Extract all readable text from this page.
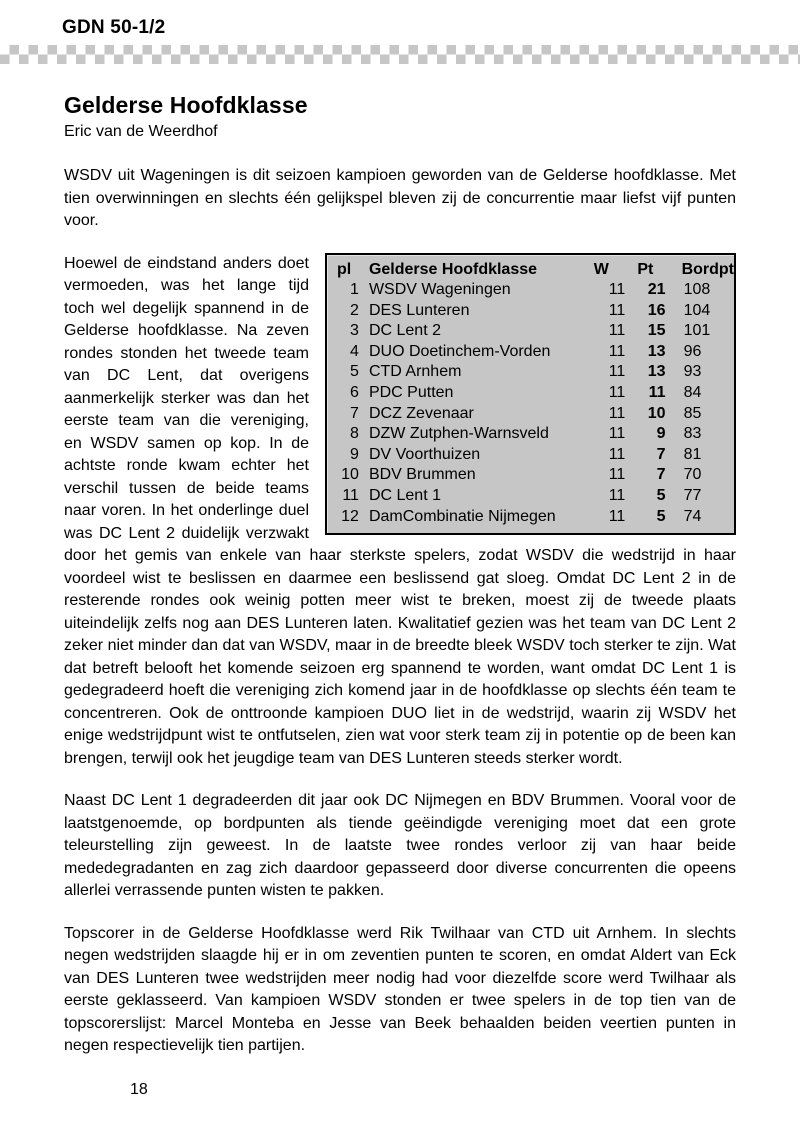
GDN 50-1/2
Gelderse Hoofdklasse

Eric van de Weerdhof

WSDV uit Wageningen is dit seizoen kampioen geworden van de Gelderse hoofdklasse. Met tien overwinningen en slechts één gelijkspel bleven zij de concurrentie maar liefst vijf punten voor.

pl	Gelderse Hoofdklasse	W	Pt	Bordpt
1	WSDV Wageningen	11	21	108
2	DES Lunteren	11	16	104
3	DC Lent 2	11	15	101
4	DUO Doetinchem-Vorden	11	13	96
5	CTD Arnhem	11	13	93
6	PDC Putten	11	11	84
7	DCZ Zevenaar	11	10	85
8	DZW Zutphen-Warnsveld	11	9	83
9	DV Voorthuizen	11	7	81
10	BDV Brummen	11	7	70
11	DC Lent 1	11	5	77
12	DamCombinatie Nijmegen	11	5	74

Hoewel de eindstand anders doet vermoeden, was het lange tijd toch wel degelijk spannend in de Gelderse hoofdklasse. Na zeven rondes stonden het tweede team van DC Lent, dat overigens aanmerkelijk sterker was dan het eerste team van die vereniging, en WSDV samen op kop. In de achtste ronde kwam echter het verschil tussen de beide teams naar voren. In het onderlinge duel was DC Lent 2 duidelijk verzwakt door het gemis van enkele van haar sterkste spelers, zodat WSDV die wedstrijd in haar voordeel wist te beslissen en daarmee een beslissend gat sloeg. Omdat DC Lent 2 in de resterende rondes ook weinig potten meer wist te breken, moest zij de tweede plaats uiteindelijk zelfs nog aan DES Lunteren laten. Kwalitatief gezien was het team van DC Lent 2 zeker niet minder dan dat van WSDV, maar in de breedte bleek WSDV toch sterker te zijn. Wat dat betreft belooft het komende seizoen erg spannend te worden, want omdat DC Lent 1 is gedegradeerd hoeft die vereniging zich komend jaar in de hoofdklasse op slechts één team te concentreren. Ook de onttroonde kampioen DUO liet in de wedstrijd, waarin zij WSDV het enige wedstrijdpunt wist te ontfutselen, zien wat voor sterk team zij in potentie op de been kan brengen, terwijl ook het jeugdige team van DES Lunteren steeds sterker wordt.

Naast DC Lent 1 degradeerden dit jaar ook DC Nijmegen en BDV Brummen. Vooral voor de laatstgenoemde, op bordpunten als tiende geëindigde vereniging moet dat een grote teleurstelling zijn geweest. In de laatste twee rondes verloor zij van haar beide mededegradanten en zag zich daardoor gepasseerd door diverse concurrenten die opeens allerlei verrassende punten wisten te pakken.

Topscorer in de Gelderse Hoofdklasse werd Rik Twilhaar van CTD uit Arnhem. In slechts negen wedstrijden slaagde hij er in om zeventien punten te scoren, en omdat Aldert van Eck van DES Lunteren twee wedstrijden meer nodig had voor diezelfde score werd Twilhaar als eerste geklasseerd. Van kampioen WSDV stonden er twee spelers in de top tien van de topscorerslijst: Marcel Monteba en Jesse van Beek behaalden beiden veertien punten in negen respectievelijk tien partijen.

18
